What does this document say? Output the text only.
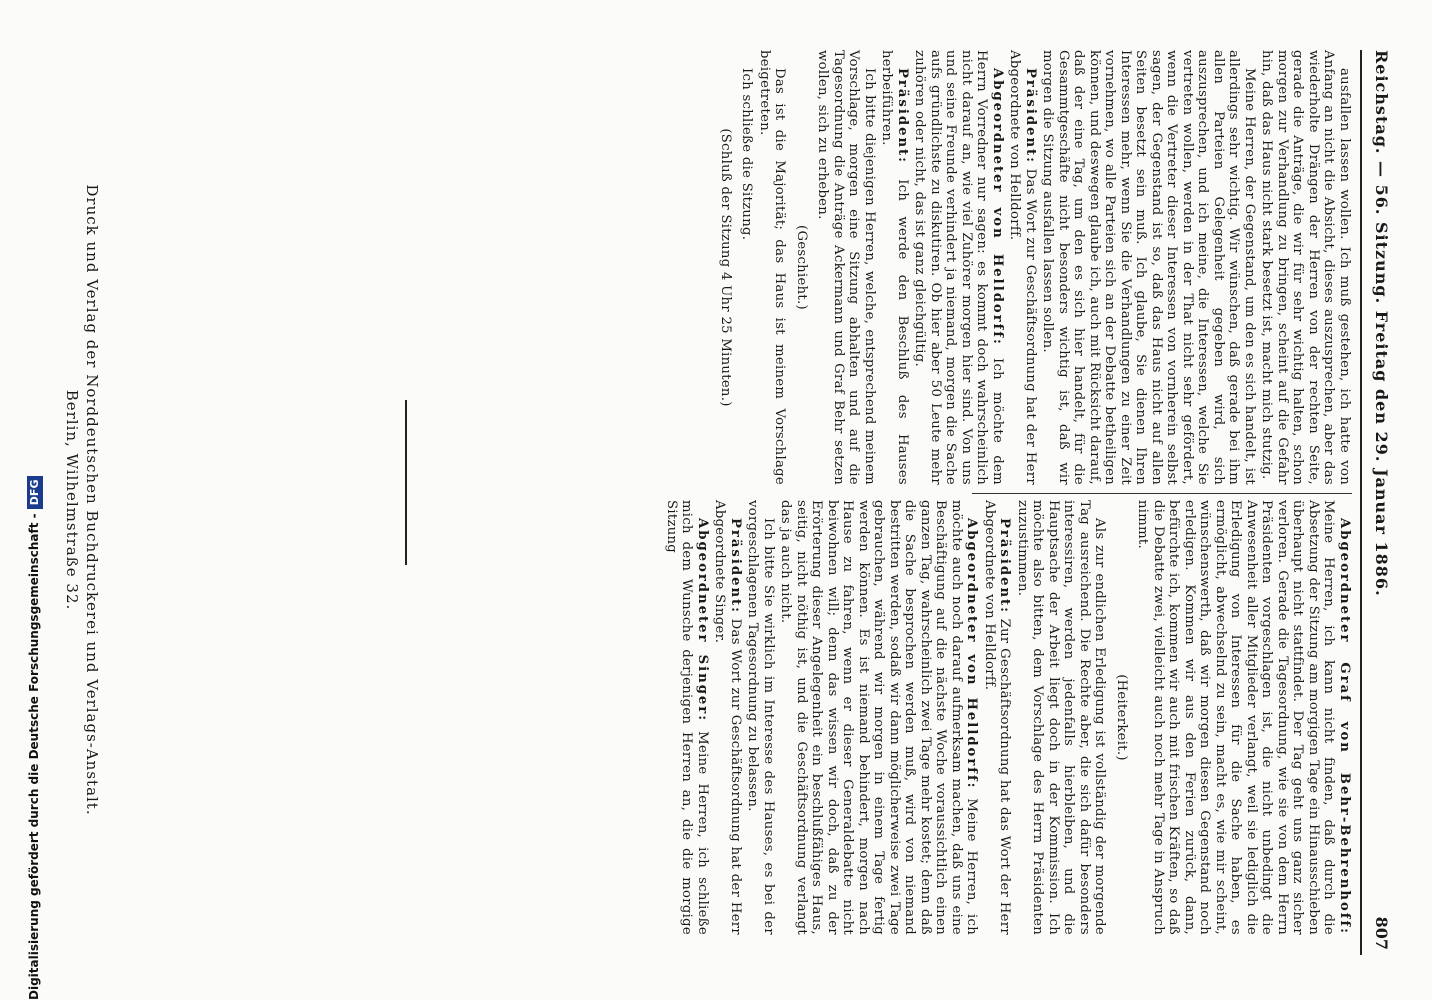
Reichstag. — 56. Sitzung. Freitag den 29. Januar 1886.
807

Abgeordneter Graf von Behr-Behrenhoff: Meine Herren, ich kann nicht finden, daß durch die Absetzung der Sitzung am morgigen Tage ein Hinausschieben überhaupt nicht stattfindet. Der Tag geht uns ganz sicher verloren. Gerade die Tagesordnung, wie sie von dem Herrn Präsidenten vorgeschlagen ist, die nicht unbedingt die Anwesenheit aller Mitglieder verlangt, weil sie lediglich die Erledigung von Interessen für die Sache haben, es ermöglicht, abwechselnd zu sein, macht es, wie mir scheint, wünschenswerth, daß wir morgen diesen Gegenstand noch erledigen. Kommen wir aus den Ferien zurück, dann, befürchte ich, kommen wir auch mit frischen Kräften, so daß die Debatte zwei, vielleicht auch noch mehr Tage in Anspruch nimmt.

(Heiterkeit.)

Als zur endlichen Erledigung ist vollständig der morgende Tag ausreichend. Die Rechte aber, die sich dafür besonders interessiren, werden jedenfalls hierbleiben, und die Hauptsache der Arbeit liegt doch in der Kommission. Ich möchte also bitten, dem Vorschlage des Herrn Präsidenten zuzustimmen.

Präsident: Zur Geschäftsordnung hat das Wort der Herr Abgeordnete von Helldorff.

Abgeordneter von Helldorff: Meine Herren, ich möchte auch noch darauf aufmerksam machen, daß uns eine Beschäftigung auf die nächste Woche voraussichtlich einen ganzen Tag, wahrscheinlich zwei Tage mehr kostet; denn daß die Sache besprochen werden muß, wird von niemand bestritten werden, sodaß wir dann möglicherweise zwei Tage gebrauchen, während wir morgen in einem Tage fertig werden können. Es ist niemand behindert, morgen nach Hause zu fahren, wenn er dieser Generaldebatte nicht beiwohnen will; denn das wissen wir doch, daß zu der Erörterung dieser Angelegenheit ein beschlußfähiges Haus, seitig, nicht nöthig ist, und die Geschäftsordnung verlangt das ja auch nicht.

Ich bitte Sie wirklich im Interesse des Hauses, es bei der vorgeschlagenen Tagesordnung zu belassen.

Präsident: Das Wort zur Geschäftsordnung hat der Herr Abgeordnete Singer.

Abgeordneter Singer: Meine Herren, ich schließe mich dem Wunsche derjenigen Herren an, die die morgige Sitzung

ausfallen lassen wollen. Ich muß gestehen, ich hatte von Anfang an nicht die Absicht, dieses auszusprechen, aber das wiederholte Drängen der Herren von der rechten Seite, gerade die Anträge, die wir für sehr wichtig halten, schon morgen zur Verhandlung zu bringen, scheint auf die Gefahr hin, daß das Haus nicht stark besetzt ist, macht mich stutzig.

Meine Herren, der Gegenstand, um den es sich handelt, ist allerdings sehr wichtig. Wir wünschen, daß gerade bei ihm allen Parteien Gelegenheit gegeben wird, sich auszusprechen, und ich meine, die Interessen, welche Sie vertreten wollen, werden in der That nicht sehr gefördert, wenn die Vertreter dieser Interessen von vornherein selbst sagen, der Gegenstand ist so, daß das Haus nicht auf allen Seiten besetzt sein muß. Ich glaube, Sie dienen Ihren Interessen mehr, wenn Sie die Verhandlungen zu einer Zeit vornehmen, wo alle Parteien sich an der Debatte betheiligen können, und deswegen glaube ich, auch mit Rücksicht darauf, daß der eine Tag, um den es sich hier handelt, für die Gesammtgeschäfte nicht besonders wichtig ist, daß wir morgen die Sitzung ausfallen lassen sollen.

Präsident: Das Wort zur Geschäftsordnung hat der Herr Abgeordnete von Helldorff.

Abgeordneter von Helldorff: Ich möchte dem Herrn Vorredner nur sagen: es kommt doch wahrscheinlich nicht darauf an, wie viel Zuhörer morgen hier sind. Von uns und seine Freunde verhindert ja niemand, morgen die Sache aufs gründlichste zu diskutiren. Ob hier aber 50 Leute mehr zuhören oder nicht, das ist ganz gleichgültig.

Präsident: Ich werde den Beschluß des Hauses herbeiführen.

Ich bitte diejenigen Herren, welche, entsprechend meinem Vorschlage, morgen eine Sitzung abhalten und auf die Tagesordnung die Anträge Ackermann und Graf Behr setzen wollen, sich zu erheben.

(Geschieht.)

Das ist die Majorität; das Haus ist meinem Vorschlage beigetreten.

Ich schließe die Sitzung.

(Schluß der Sitzung 4 Uhr 25 Minuten.)

Druck und Verlag der Norddeutschen Buchdruckerei und Verlags-Anstalt.
Berlin, Wilhelmstraße 32.
Digitalisierung gefördert durch die Deutsche Forschungsgemeinschaft - DFG
